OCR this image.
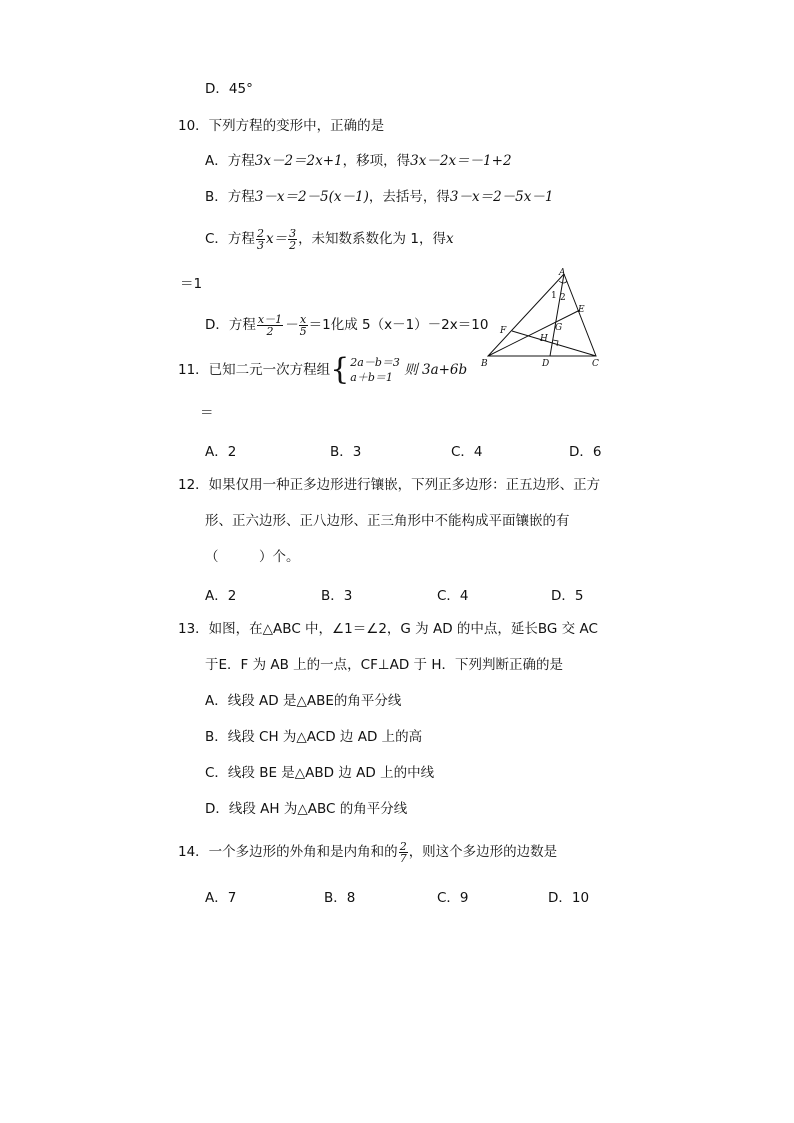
D．45°
10．下列方程的变形中，正确的是
A．方程3x－2＝2x+1，移项，得3x－2x＝－1+2
B．方程3－x＝2－5(x－1)，去括号，得3－x＝2－5x－1
C．方程 $\frac{2}{3} x= \frac{3}{2}$ ，未知数系数化为 1，得x
＝1
D．方程 $\frac{x-1}{2} - \frac{x}{5} =1$化成 5（x－1）－2x＝10
A
B	C
D
E
F	G
H
1 2
11．已知二元一次方程组{ 2a－b＝3
a＋b＝1 则 3a+6b
＝
A．2	B．3	C．4	D．6
12．如果仅用一种正多边形进行镶嵌，下列正多边形：正五边形、正方
形、正六边形、正八边形、正三角形中不能构成平面镶嵌的有
（　　　）个。
A．2	B．3	C．4	D．5
13．如图，在△ABC 中，∠1＝∠2，G 为 AD 的中点，延长BG 交 AC
于E．F 为 AB 上的一点，CF⊥AD 于 H．下列判断正确的是
A．线段 AD 是△ABE的角平分线
B．线段 CH 为△ACD 边 AD 上的高
C．线段 BE 是△ABD 边 AD 上的中线
D．线段 AH 为△ABC 的角平分线
14．一个多边形的外角和是内角和的 $\frac{2}{7}$ ，则这个多边形的边数是
A．7	B．8	C．9	D．10
